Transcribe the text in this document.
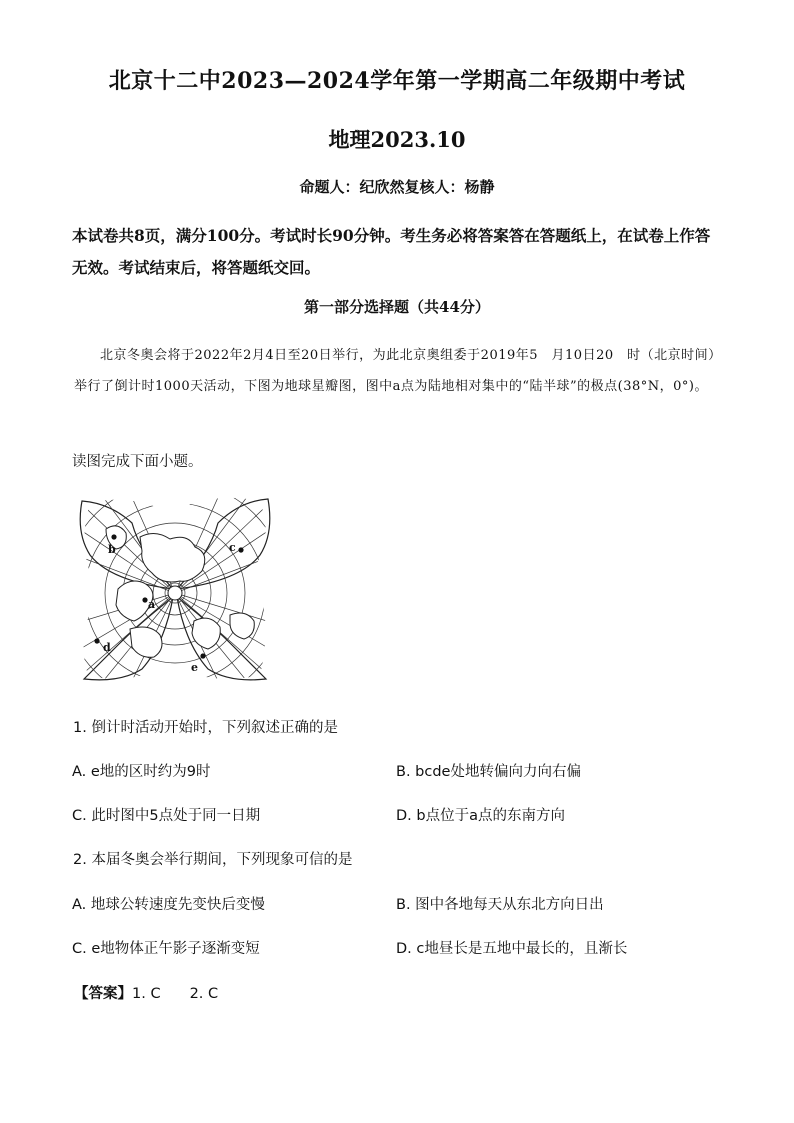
北京十二中2023—2024学年第一学期高二年级期中考试
地理2023.10
命题人：纪欣然复核人：杨静
本试卷共8页，满分100分。考试时长90分钟。考生务必将答案答在答题纸上，在试卷上作答无效。考试结束后，将答题纸交回。
第一部分选择题（共44分）
北京冬奥会将于2022年2月4日至20日举行，为此北京奥组委于2019年5　月10日20　时（北京时间）举行了倒计时1000天活动，下图为地球星瓣图，图中a点为陆地相对集中的“陆半球”的极点(38°N，0°)。
读图完成下面小题。
a
b	c
d
e
1. 倒计时活动开始时，下列叙述正确的是
A. e地的区时约为9时	B. bcde处地转偏向力向右偏
C. 此时图中5点处于同一日期	D. b点位于a点的东南方向
2. 本届冬奥会举行期间，下列现象可信的是
A. 地球公转速度先变快后变慢	B. 图中各地每天从东北方向日出
C. e地物体正午影子逐渐变短	D. c地昼长是五地中最长的，且渐长
【答案】1. C　　2. C
